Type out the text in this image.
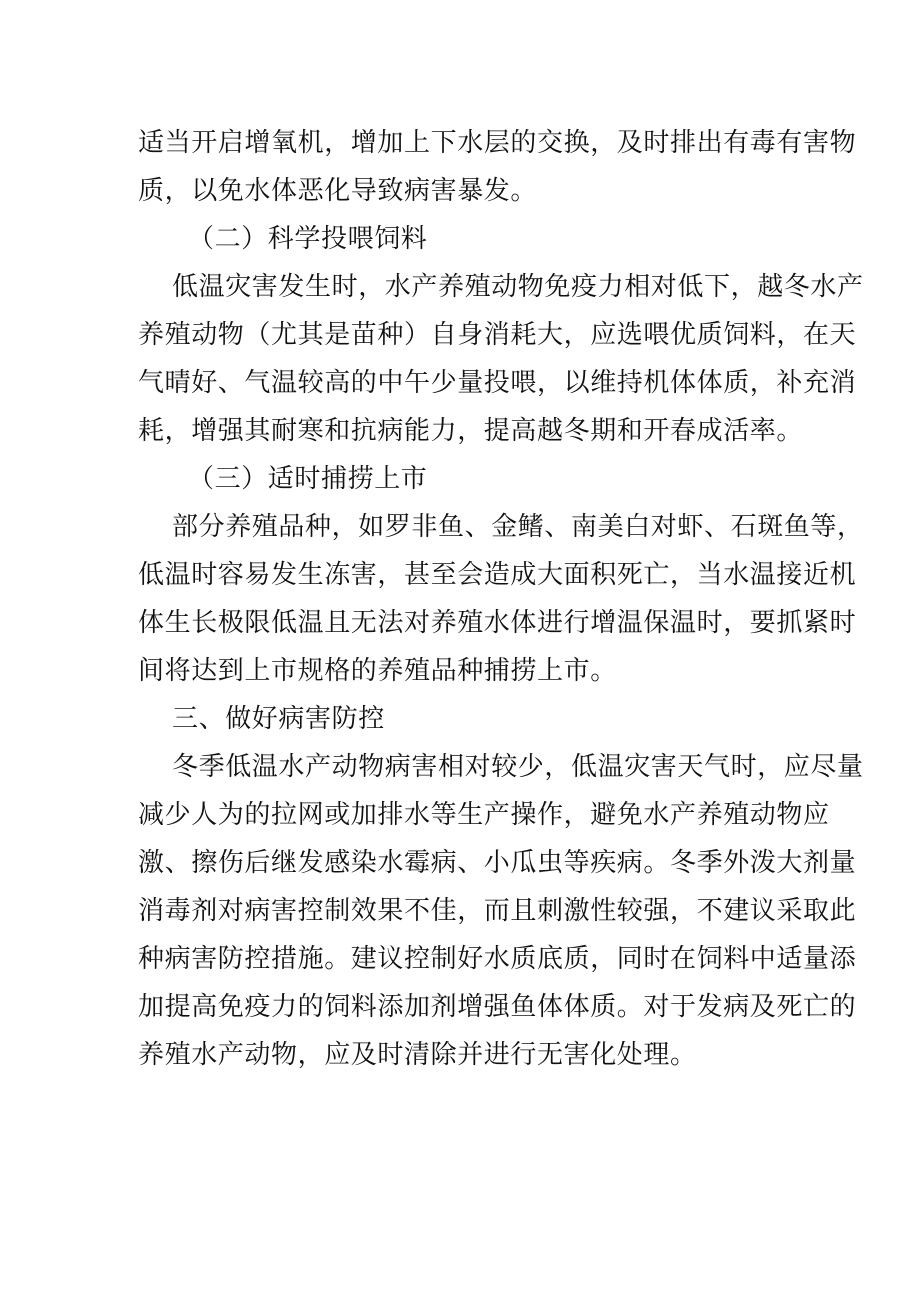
适当开启增氧机，增加上下水层的交换，及时排出有毒有害物
质，以免水体恶化导致病害暴发。
（二）科学投喂饲料
低温灾害发生时，水产养殖动物免疫力相对低下，越冬水产
养殖动物（尤其是苗种）自身消耗大，应选喂优质饲料，在天
气晴好、气温较高的中午少量投喂，以维持机体体质，补充消
耗，增强其耐寒和抗病能力，提高越冬期和开春成活率。
（三）适时捕捞上市
部分养殖品种，如罗非鱼、金鳍、南美白对虾、石斑鱼等，
低温时容易发生冻害，甚至会造成大面积死亡，当水温接近机
体生长极限低温且无法对养殖水体进行增温保温时，要抓紧时
间将达到上市规格的养殖品种捕捞上市。
三、做好病害防控
冬季低温水产动物病害相对较少，低温灾害天气时，应尽量
减少人为的拉网或加排水等生产操作，避免水产养殖动物应
激、擦伤后继发感染水霉病、小瓜虫等疾病。冬季外泼大剂量
消毒剂对病害控制效果不佳，而且刺激性较强，不建议采取此
种病害防控措施。建议控制好水质底质，同时在饲料中适量添
加提高免疫力的饲料添加剂增强鱼体体质。对于发病及死亡的
养殖水产动物，应及时清除并进行无害化处理。
